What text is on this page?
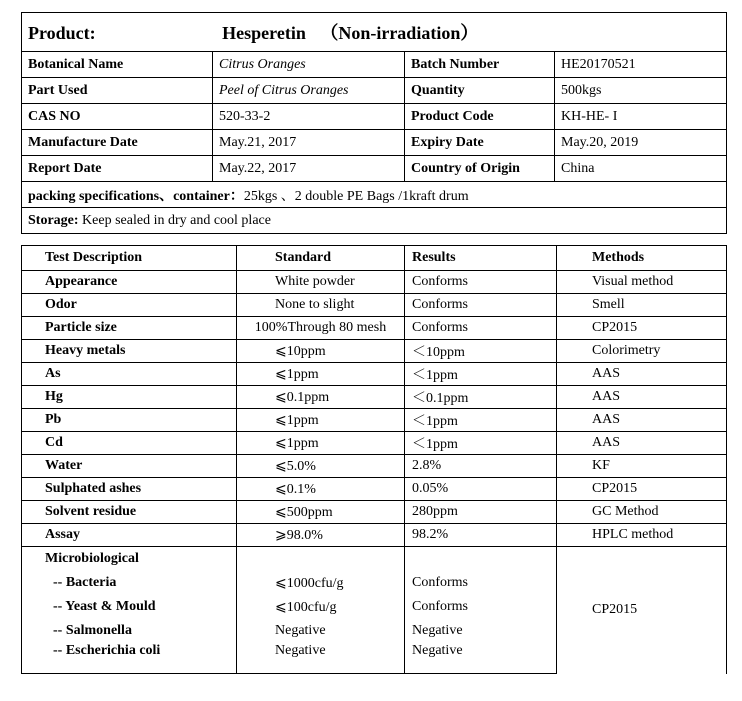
Product: Hesperetin （Non-irradiation）			
Botanical Name	Citrus Oranges	Batch Number	HE20170521
Part Used	Peel of Citrus Oranges	Quantity	500kgs
CAS NO	520-33-2	Product Code	KH-HE- I
Manufacture Date	May.21, 2017	Expiry Date	May.20, 2019
Report Date	May.22, 2017	Country of Origin	China
packing specifications、container：25kgs 、2 double PE Bags /1kraft drum			
Storage: Keep sealed in dry and cool place			
Test Description	Standard	Results	Methods
Appearance	White powder	Conforms	Visual method
Odor	None to slight	Conforms	Smell
Particle size	100%Through 80 mesh	Conforms	CP2015
Heavy metals	⩽10ppm	＜10ppm	Colorimetry
As	⩽1ppm	＜1ppm	AAS
Hg	⩽0.1ppm	＜0.1ppm	AAS
Pb	⩽1ppm	＜1ppm	AAS
Cd	⩽1ppm	＜1ppm	AAS
Water	⩽5.0%	2.8%	KF
Sulphated ashes	⩽0.1%	0.05%	CP2015
Solvent residue	⩽500ppm	280ppm	GC Method
Assay	⩾98.0%	98.2%	HPLC method
Microbiological			CP2015
-- Bacteria	⩽1000cfu/g	Conforms	
-- Yeast & Mould	⩽100cfu/g	Conforms	
-- Salmonella	Negative	Negative	
-- Escherichia coli	Negative	Negative	
